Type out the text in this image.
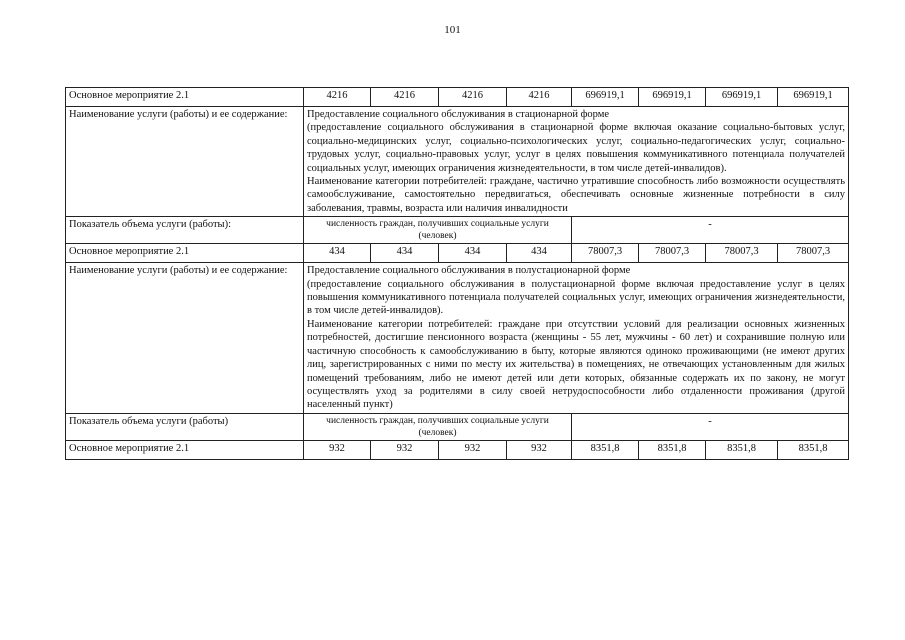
101
Основное мероприятие 2.1	4216	4216	4216	4216	696919,1	696919,1	696919,1	696919,1
Наименование услуги (работы) и ее содержание:	Предоставление социального обслуживания в стационарной форме

(предоставление социального обслуживания в стационарной форме включая оказание социально-бытовых услуг, социально-медицинских услуг, социально-психологических услуг, социально-педагогических услуг, социально-трудовых услуг, социально-правовых услуг, услуг в целях повышения коммуникативного потенциала получателей социальных услуг, имеющих ограничения жизнедеятельности, в том числе детей-инвалидов).

Наименование категории потребителей: граждане, частично утратившие способность либо возможности осуществлять самообслуживание, самостоятельно передвигаться, обеспечивать основные жизненные потребности в силу заболевания, травмы, возраста или наличия инвалидности							

Показатель объема услуги (работы):	численность граждан, получивших социальные услуги (человек)				-			
Основное мероприятие 2.1	434	434	434	434	78007,3	78007,3	78007,3	78007,3
Наименование услуги (работы) и ее содержание:	Предоставление социального обслуживания в полустационарной форме

(предоставление социального обслуживания в полустационарной форме включая предоставление услуг в целях повышения коммуникативного потенциала получателей социальных услуг, имеющих ограничения жизнедеятельности, в том числе детей-инвалидов).

Наименование категории потребителей: граждане при отсутствии условий для реализации основных жизненных потребностей, достигшие пенсионного возраста (женщины - 55 лет, мужчины - 60 лет) и сохранившие полную или частичную способность к самообслуживанию в быту, которые являются одиноко проживающими (не имеют других лиц, зарегистрированных с ними по месту их жительства) в помещениях, не отвечающих установленным для жилых помещений требованиям, либо не имеют детей или дети которых, обязанные содержать их по закону, не могут осуществлять уход за родителями в силу своей нетрудоспособности либо отдаленности проживания (другой населенный пункт)							

Показатель объема услуги (работы)	численность граждан, получивших социальные услуги (человек)				-			
Основное мероприятие 2.1	932	932	932	932	8351,8	8351,8	8351,8	8351,8
